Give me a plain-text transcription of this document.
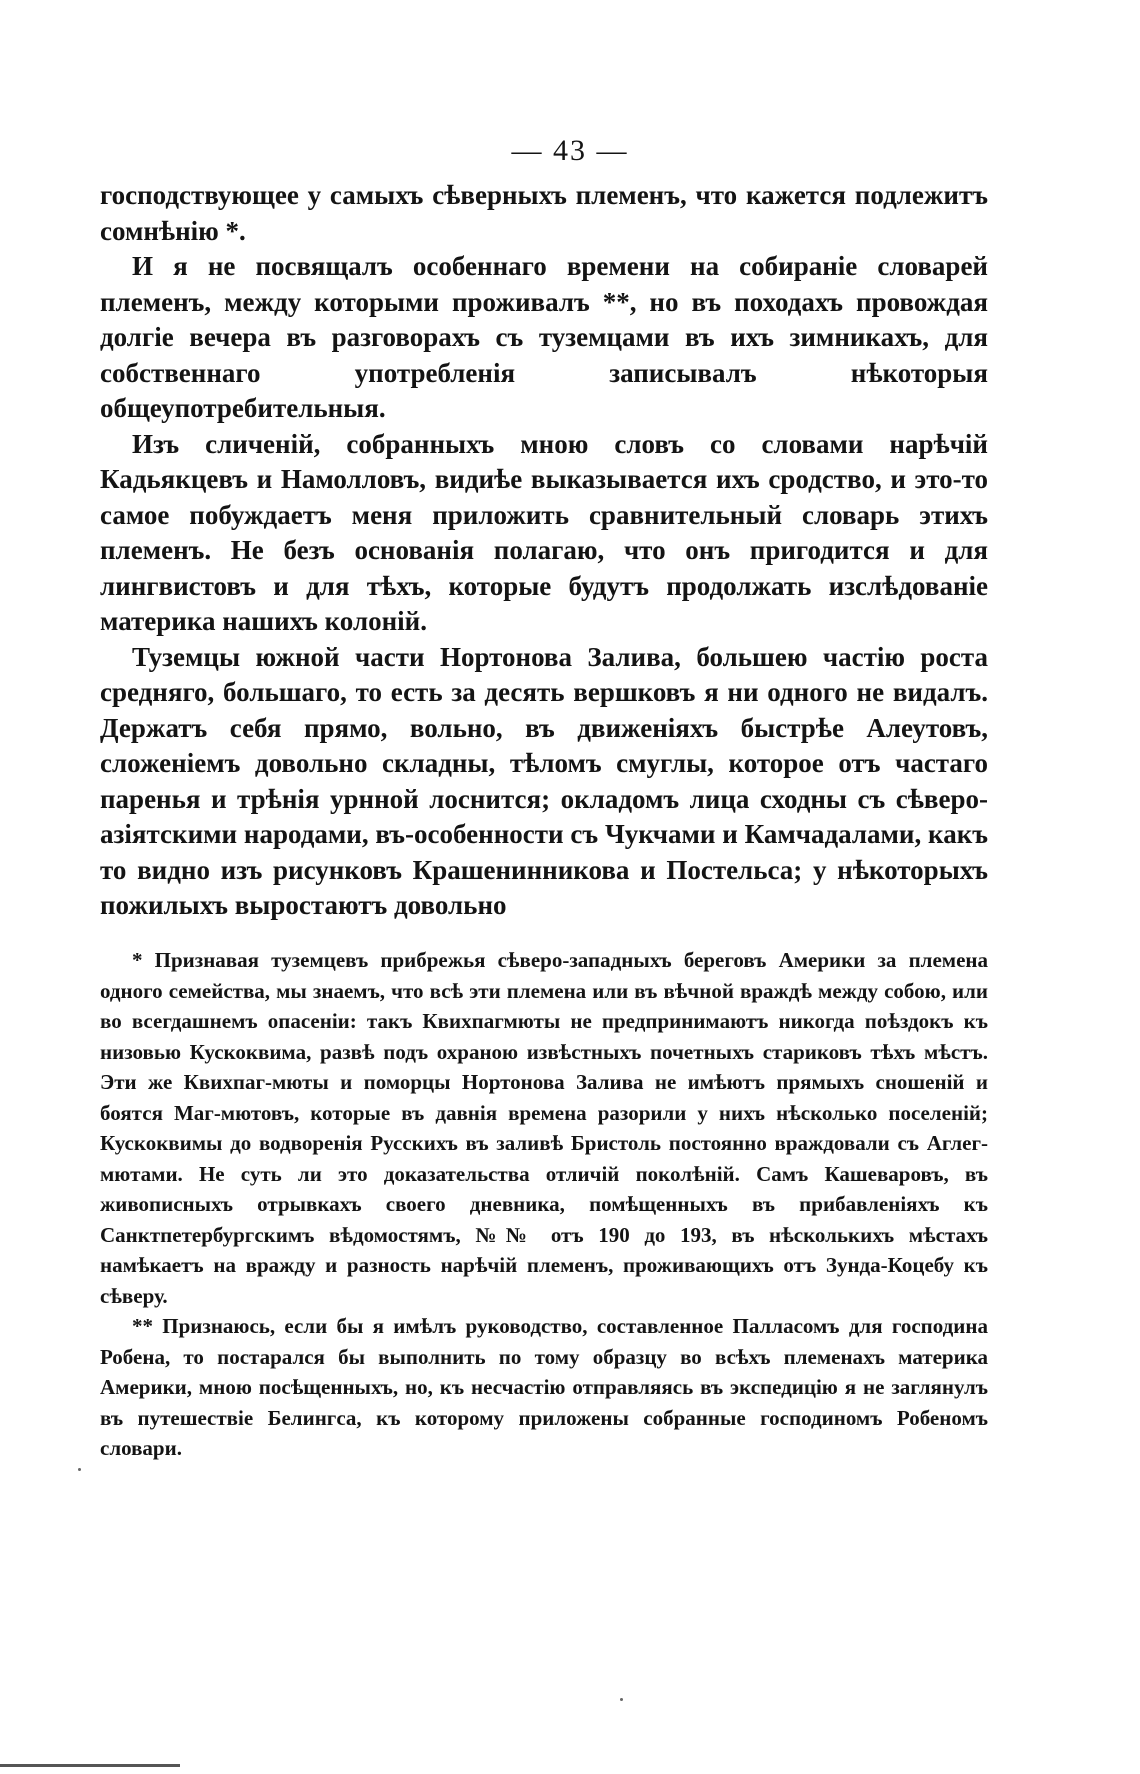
— 43 —

господствующее у самыхъ сѣверныхъ племенъ, что кажется подлежитъ сомнѣнію *.

И я не посвящалъ особеннаго времени на собираніе словарей племенъ, между которыми проживалъ **, но въ походахъ провождая долгіе вечера въ разговорахъ съ туземцами въ ихъ зимникахъ, для собственнаго употребленія записывалъ нѣкоторыя общеупотребительныя.

Изъ сличеній, собранныхъ мною словъ со словами нарѣчій Кадьякцевъ и Намолловъ, видиѣе выказывается ихъ сродство, и это-то самое побуждаетъ меня приложить сравнительный словарь этихъ племенъ. Не безъ основанія полагаю, что онъ пригодится и для лингвистовъ и для тѣхъ, которые будутъ продолжать изслѣдованіе материка нашихъ колоній.

Туземцы южной части Нортонова Залива, большею частію роста средняго, большаго, то есть за десять вершковъ я ни одного не видалъ. Держатъ себя прямо, вольно, въ движеніяхъ быстрѣе Алеутовъ, сложеніемъ довольно складны, тѣломъ смуглы, которое отъ частаго паренья и трѣнія урнной лоснится; окладомъ лица сходны съ сѣверо-азіятскими народами, въ-особенности съ Чукчами и Камчадалами, какъ то видно изъ рисунковъ Крашенинникова и Постельса; у нѣкоторыхъ пожилыхъ выростаютъ довольно

* Признавая туземцевъ прибрежья сѣверо-западныхъ береговъ Америки за племена одного семейства, мы знаемъ, что всѣ эти племена или въ вѣчной враждѣ между собою, или во всегдашнемъ опасеніи: такъ Квихпагмюты не предпринимаютъ никогда поѣздокъ къ низовью Кускоквима, развѣ подъ охраною извѣстныхъ почетныхъ стариковъ тѣхъ мѣстъ. Эти же Квихпаг-мюты и поморцы Нортонова Залива не имѣютъ прямыхъ сношеній и боятся Маг-мютовъ, которые въ давнія времена разорили у нихъ нѣсколько поселеній; Кускоквимы до водворенія Русскихъ въ заливѣ Бристоль постоянно враждовали съ Аглег-мютами. Не суть ли это доказательства отличій поколѣній. Самъ Кашеваровъ, въ живописныхъ отрывкахъ своего дневника, помѣщенныхъ въ прибавленіяхъ къ Санктпетербургскимъ вѣдомостямъ, №№ отъ 190 до 193, въ нѣсколькихъ мѣстахъ намѣкаетъ на вражду и разность нарѣчій племенъ, проживающихъ отъ Зунда-Коцебу къ сѣверу.

** Признаюсь, если бы я имѣлъ руководство, составленное Палласомъ для господина Робена, то постарался бы выполнить по тому образцу во всѣхъ племенахъ материка Америки, мною посѣщенныхъ, но, къ несчастію отправляясь въ экспедицію я не заглянулъ въ путешествіе Белингса, къ которому приложены собранные господиномъ Робеномъ словари.
